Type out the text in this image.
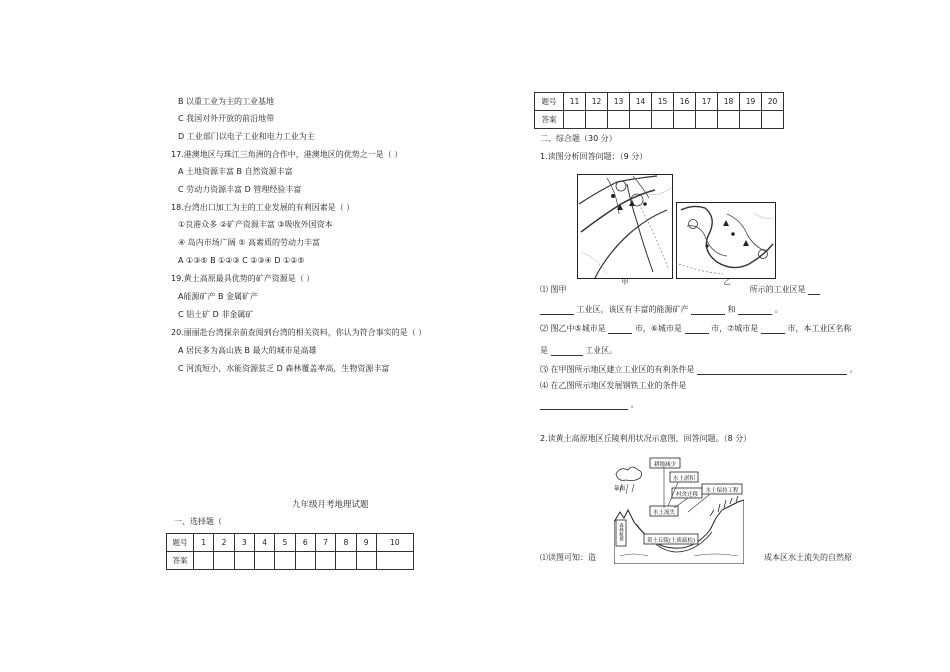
B 以重工业为主的工业基地
C 我国对外开放的前沿地带
D 工业部门以电子工业和电力工业为主
17.港澳地区与珠江三角洲的合作中，港澳地区的优势之一是（ ）
A 土地资源丰富 B 自然资源丰富
C 劳动力资源丰富 D 管理经验丰富
18.台湾出口加工为主的工业发展的有利因素是（ ）
①良港众多 ②矿产资源丰富 ③吸收外国资本
④ 岛内市场广阔 ⑤ 高素质的劳动力丰富
A ①③⑤ B ①②③ C ②③④ D ①②⑤
19.黄土高原最具优势的矿产资源是（ ）
A能源矿产 B 金属矿产
C 铝土矿 D 非金属矿
20.丽丽赴台湾探亲前查阅到台湾的相关资料，你认为符合事实的是（ ）
A 居民多为高山族 B 最大的城市是高雄
C 河流短小，水能资源贫乏 D 森林覆盖率高，生物资源丰富
九年级月考地理试题
一、选择题（
题号	1	2	3	4	5	6	7	8	9	10
答案										
题号	11	12	13	14	15	16	17	18	19	20
答案										
二、综合题（30 分）
1.读图分析回答问题：（9 分）
甲	乙
⑴ 图甲	所示的工业区是
工业区，该区有丰富的能源矿产	和	。
⑵ 图乙中⑤城市是	市，⑥城市是	市，⑦城市是	市，本工业区名称
是	工业区。
⑶ 在甲图所示地区建立工业区的有利条件是	。
⑷ 在乙图所示地区发展钢铁工业的条件是
。
2.读黄土高原地区丘陵利用状况示意图，回答问题。（8 分）
耕地减少
水土淤积
村舍迁移
水土保持工程
水土流失
暴雨
黄土丘陵(土质疏松)
森林植被
⑴读图可知：造	成本区水土流失的自然原
